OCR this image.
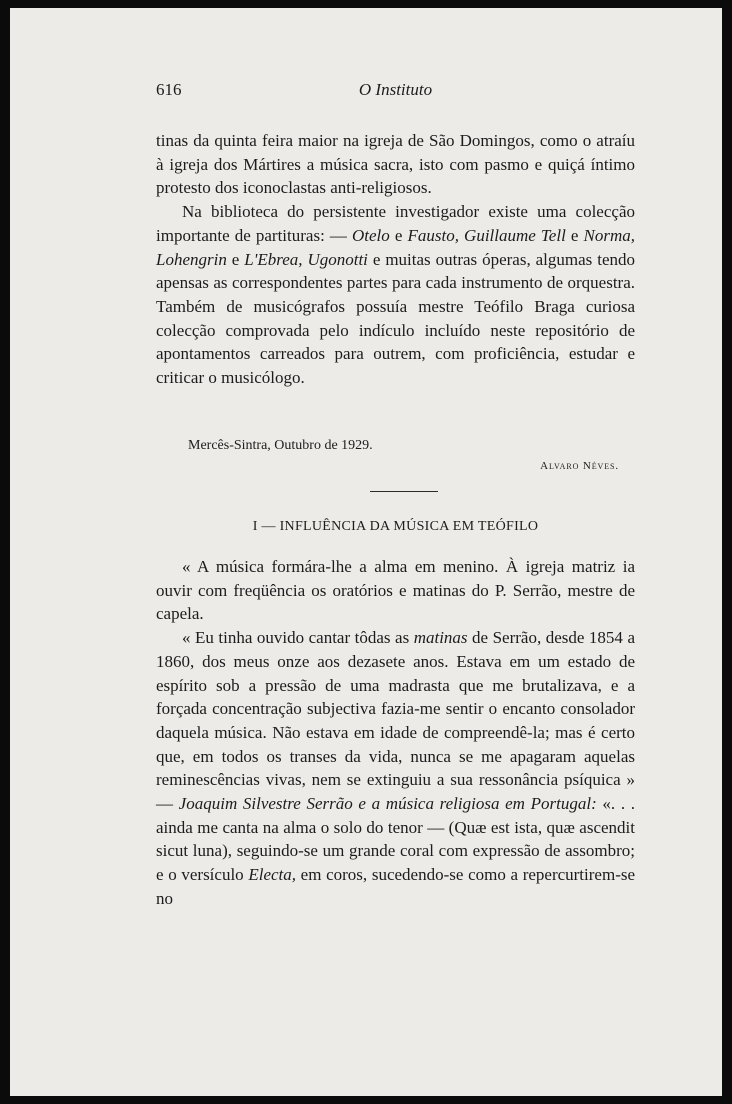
616	O Instituto

tinas da quinta feira maior na igreja de São Domingos, como o atraíu à igreja dos Mártires a música sacra, isto com pasmo e quiçá íntimo protesto dos iconoclastas anti-religiosos.

Na biblioteca do persistente investigador existe uma colecção importante de partituras: — Otelo e Fausto, Guillaume Tell e Norma, Lohengrin e L'Ebrea, Ugonotti e muitas outras óperas, algumas tendo apensas as correspondentes partes para cada instrumento de orquestra. Também de musicógrafos possuía mestre Teófilo Braga curiosa colecção comprovada pelo indículo incluído neste repositório de apontamentos carreados para outrem, com proficiência, estudar e criticar o musicólogo.

Mercês-Sintra, Outubro de 1929.
Alvaro Néves.
I — INFLUÊNCIA DA MÚSICA EM TEÓFILO

« A música formára-lhe a alma em menino. À igreja matriz ia ouvir com freqüência os oratórios e matinas do P. Serrão, mestre de capela.

« Eu tinha ouvido cantar tôdas as matinas de Serrão, desde 1854 a 1860, dos meus onze aos dezasete anos. Estava em um estado de espírito sob a pressão de uma madrasta que me brutalizava, e a forçada concentração subjectiva fazia-me sentir o encanto consolador daquela música. Não estava em idade de compreendê-la; mas é certo que, em todos os transes da vida, nunca se me apagaram aquelas reminescências vivas, nem se extinguiu a sua ressonância psíquica » — Joaquim Silvestre Serrão e a música religiosa em Portugal: «. . . ainda me canta na alma o solo do tenor — (Quæ est ista, quæ ascendit sicut luna), seguindo-se um grande coral com expressão de assombro; e o versículo Electa, em coros, sucedendo-se como a repercurtirem-se no
